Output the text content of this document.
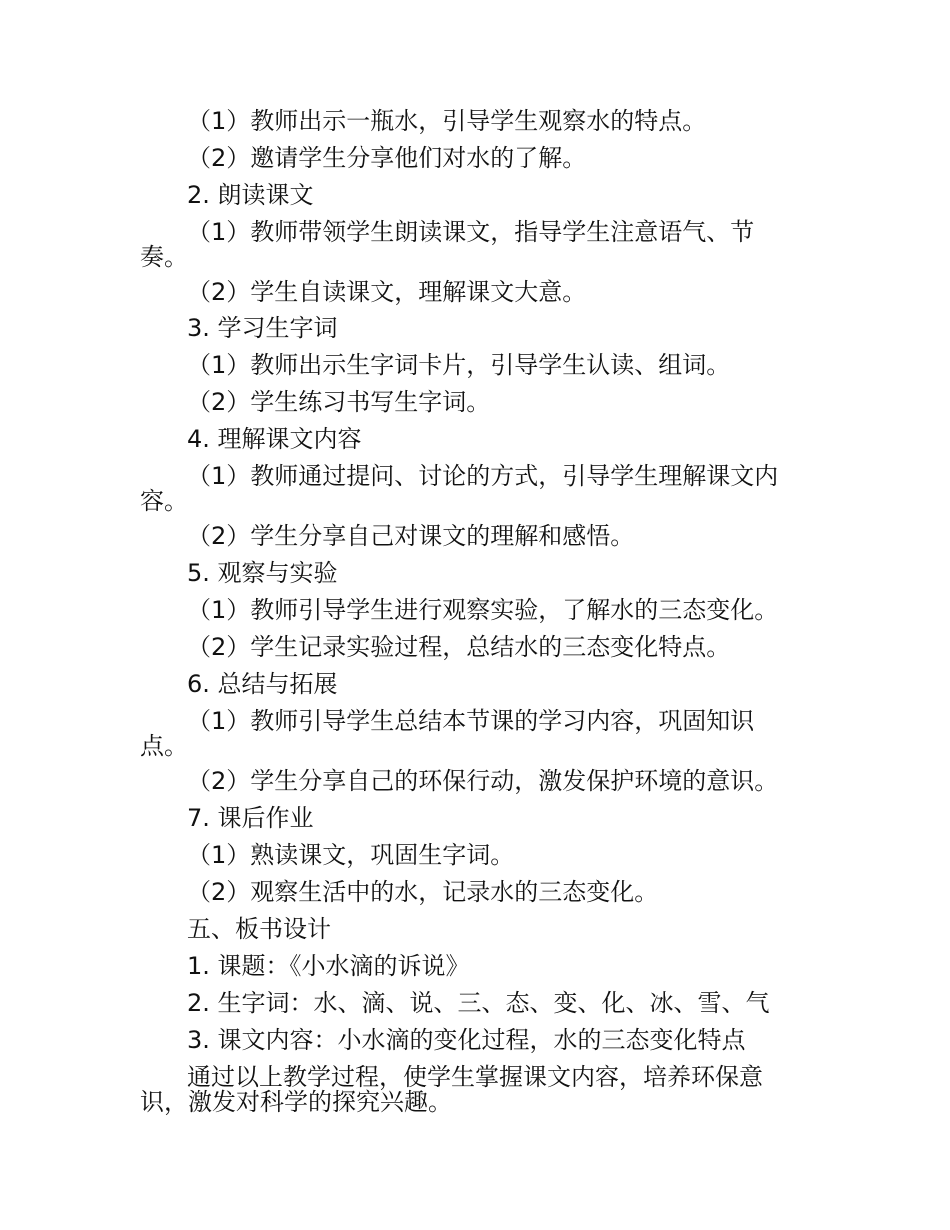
（1）教师出示一瓶水，引导学生观察水的特点。

（2）邀请学生分享他们对水的了解。

2. 朗读课文

（1）教师带领学生朗读课文，指导学生注意语气、节

奏。

（2）学生自读课文，理解课文大意。

3. 学习生字词

（1）教师出示生字词卡片，引导学生认读、组词。

（2）学生练习书写生字词。

4. 理解课文内容

（1）教师通过提问、讨论的方式，引导学生理解课文内

容。

（2）学生分享自己对课文的理解和感悟。

5. 观察与实验

（1）教师引导学生进行观察实验，了解水的三态变化。

（2）学生记录实验过程，总结水的三态变化特点。

6. 总结与拓展

（1）教师引导学生总结本节课的学习内容，巩固知识

点。

（2）学生分享自己的环保行动，激发保护环境的意识。

7. 课后作业

（1）熟读课文，巩固生字词。

（2）观察生活中的水，记录水的三态变化。

五、板书设计

1. 课题：《小水滴的诉说》

2. 生字词：水、滴、说、三、态、变、化、冰、雪、气

3. 课文内容：小水滴的变化过程，水的三态变化特点

通过以上教学过程，使学生掌握课文内容，培养环保意

识，激发对科学的探究兴趣。
